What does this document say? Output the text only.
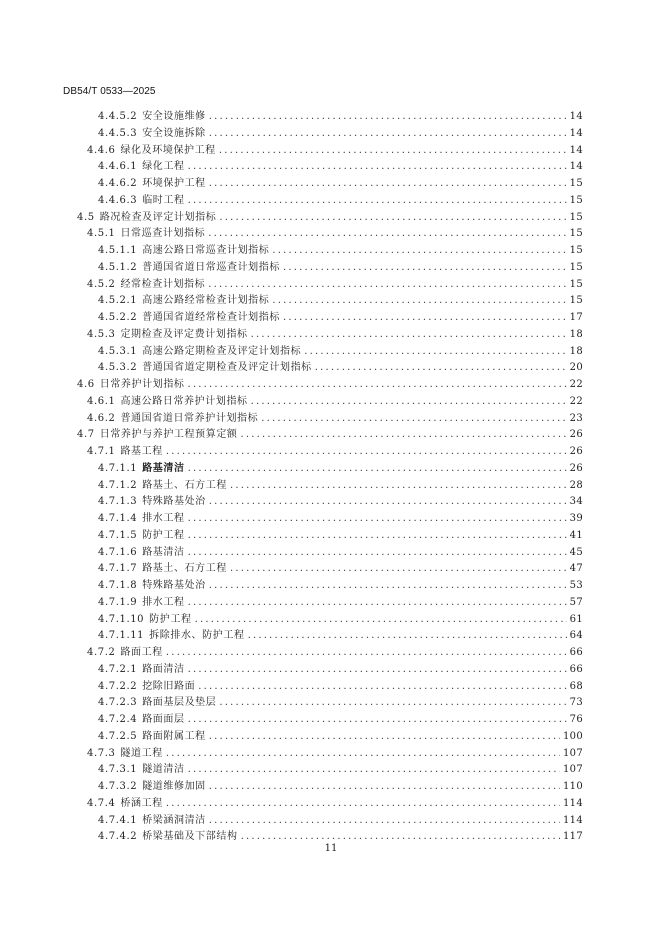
DB54/T 0533—2025
4.4.5.2 安全设施维修 .....	14
4.4.5.3 安全设施拆除 .....	14
4.4.6 绿化及环境保护工程 .....	14
4.4.6.1 绿化工程 .....	14
4.4.6.2 环境保护工程 .....	15
4.4.6.3 临时工程 .....	15
4.5 路况检查及评定计划指标 .....	15
4.5.1 日常巡查计划指标 .....	15
4.5.1.1 高速公路日常巡查计划指标 .....	15
4.5.1.2 普通国省道日常巡查计划指标 .....	15
4.5.2 经常检查计划指标 .....	15
4.5.2.1 高速公路经常检查计划指标 .....	15
4.5.2.2 普通国省道经常检查计划指标 .....	17
4.5.3 定期检查及评定费计划指标 .....	18
4.5.3.1 高速公路定期检查及评定计划指标 .....	18
4.5.3.2 普通国省道定期检查及评定计划指标 .....	20
4.6 日常养护计划指标 .....	22
4.6.1 高速公路日常养护计划指标 .....	22
4.6.2 普通国省道日常养护计划指标 .....	23
4.7 日常养护与养护工程预算定额 .....	26
4.7.1 路基工程 .....	26
4.7.1.1 路基清洁 .....	26
4.7.1.2 路基土、石方工程 .....	28
4.7.1.3 特殊路基处治 .....	34
4.7.1.4 排水工程 .....	39
4.7.1.5 防护工程 .....	41
4.7.1.6 路基清洁 .....	45
4.7.1.7 路基土、石方工程 .....	47
4.7.1.8 特殊路基处治 .....	53
4.7.1.9 排水工程 .....	57
4.7.1.10 防护工程 .....	61
4.7.1.11 拆除排水、防护工程 .....	64
4.7.2 路面工程 .....	66
4.7.2.1 路面清洁 .....	66
4.7.2.2 挖除旧路面 .....	68
4.7.2.3 路面基层及垫层 .....	73
4.7.2.4 路面面层 .....	76
4.7.2.5 路面附属工程 .....	100
4.7.3 隧道工程 .....	107
4.7.3.1 隧道清洁 .....	107
4.7.3.2 隧道维修加固 .....	110
4.7.4 桥涵工程 .....	114
4.7.4.1 桥梁涵洞清洁 .....	114
4.7.4.2 桥梁基础及下部结构 .....	117
11
